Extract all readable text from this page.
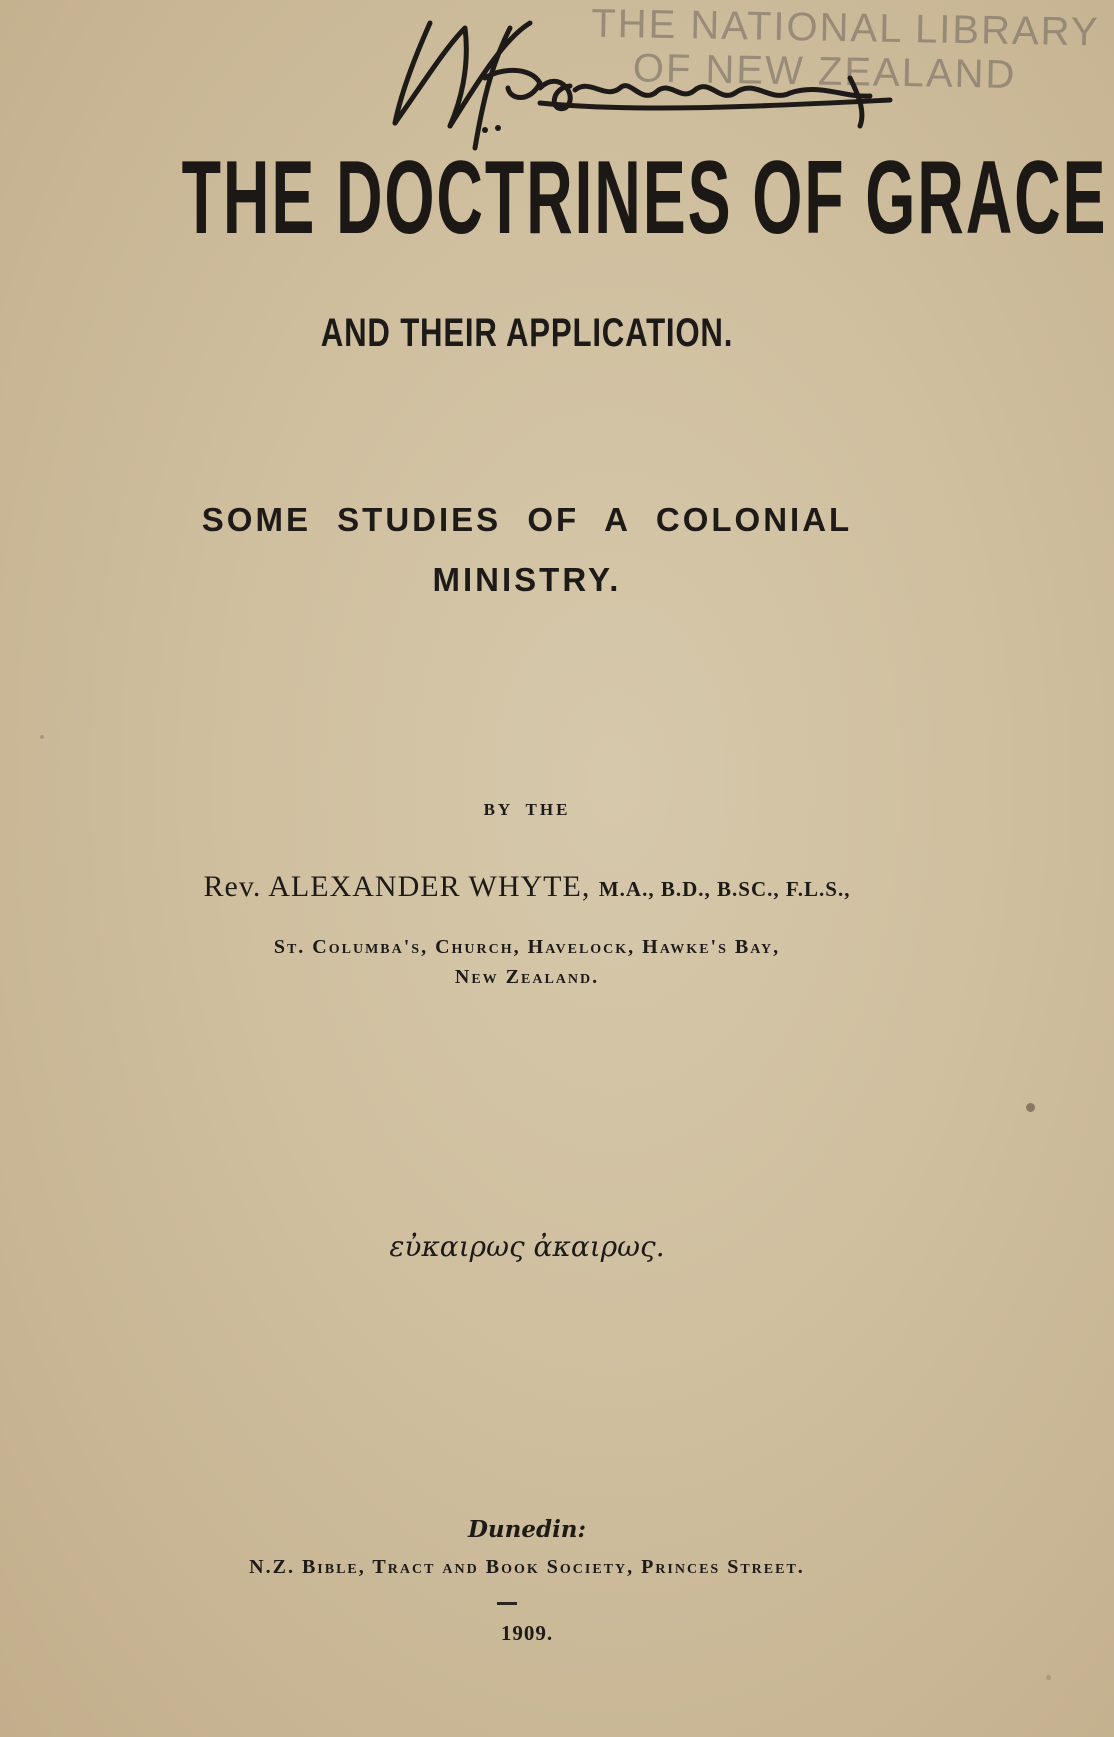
THE NATIONAL LIBRARY
OF NEW ZEALAND
THE DOCTRINES OF GRACE
AND THEIR APPLICATION.
SOME STUDIES OF A COLONIAL
MINISTRY.
BY THE
Rev. ALEXANDER WHYTE, M.A., B.D., B.SC., F.L.S.,
St. Columba's, Church, Havelock, Hawke's Bay,
New Zealand.
εὐκαιρως ἀκαιρως.
Dunedin:
N.Z. Bible, Tract and Book Society, Princes Street.
1909.
